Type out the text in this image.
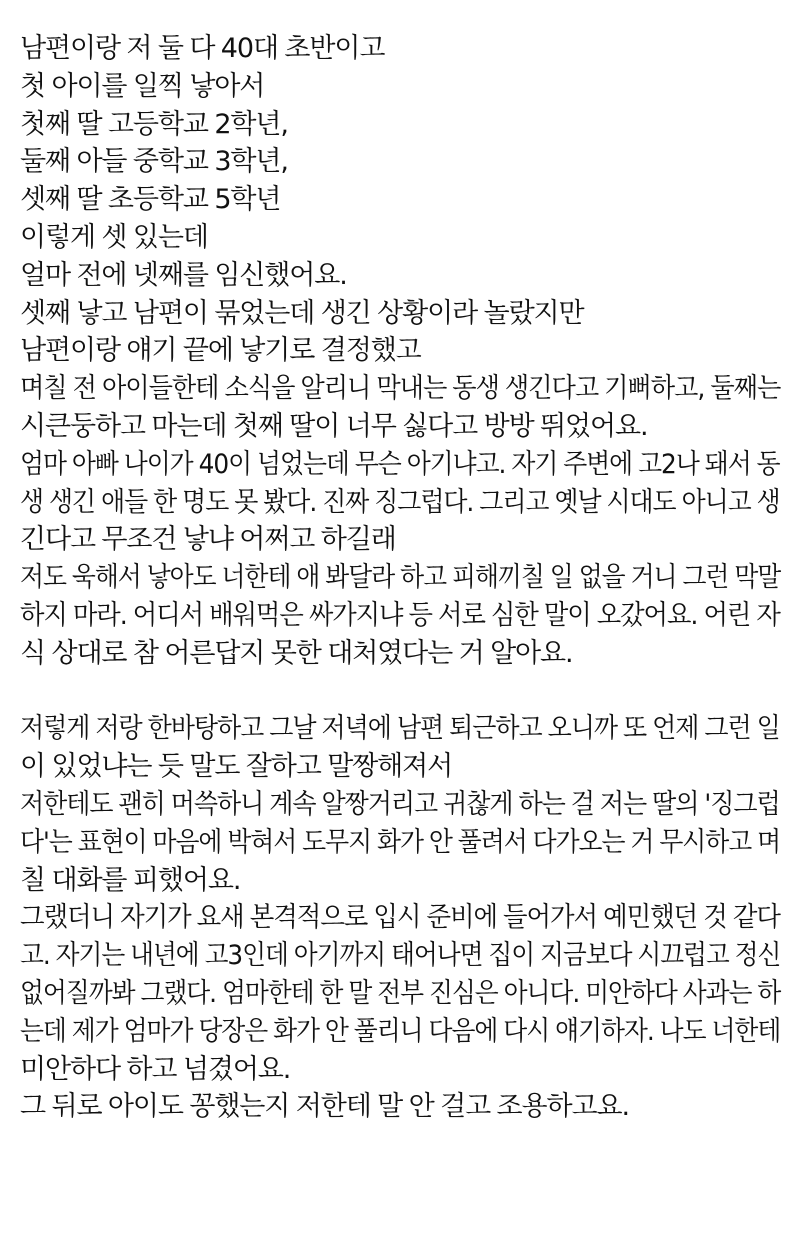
남편이랑 저 둘 다 40대 초반이고
첫 아이를 일찍 낳아서
첫째 딸 고등학교 2학년,
둘째 아들 중학교 3학년,
셋째 딸 초등학교 5학년
이렇게 셋 있는데
얼마 전에 넷째를 임신했어요.
셋째 낳고 남편이 묶었는데 생긴 상황이라 놀랐지만
남편이랑 얘기 끝에 낳기로 결정했고
며칠 전 아이들한테 소식을 알리니 막내는 동생 생긴다고 기뻐하고, 둘째는
시큰둥하고 마는데 첫째 딸이 너무 싫다고 방방 뛰었어요.
엄마 아빠 나이가 40이 넘었는데 무슨 아기냐고. 자기 주변에 고2나 돼서 동
생 생긴 애들 한 명도 못 봤다. 진짜 징그럽다. 그리고 옛날 시대도 아니고 생
긴다고 무조건 낳냐 어쩌고 하길래
저도 욱해서 낳아도 너한테 애 봐달라 하고 피해끼칠 일 없을 거니 그런 막말
하지 마라. 어디서 배워먹은 싸가지냐 등 서로 심한 말이 오갔어요. 어린 자
식 상대로 참 어른답지 못한 대처였다는 거 알아요.
저렇게 저랑 한바탕하고 그날 저녁에 남편 퇴근하고 오니까 또 언제 그런 일
이 있었냐는 듯 말도 잘하고 말짱해져서
저한테도 괜히 머쓱하니 계속 알짱거리고 귀찮게 하는 걸 저는 딸의 '징그럽
다'는 표현이 마음에 박혀서 도무지 화가 안 풀려서 다가오는 거 무시하고 며
칠 대화를 피했어요.
그랬더니 자기가 요새 본격적으로 입시 준비에 들어가서 예민했던 것 같다
고. 자기는 내년에 고3인데 아기까지 태어나면 집이 지금보다 시끄럽고 정신
없어질까봐 그랬다. 엄마한테 한 말 전부 진심은 아니다. 미안하다 사과는 하
는데 제가 엄마가 당장은 화가 안 풀리니 다음에 다시 얘기하자. 나도 너한테
미안하다 하고 넘겼어요.
그 뒤로 아이도 꽁했는지 저한테 말 안 걸고 조용하고요.
